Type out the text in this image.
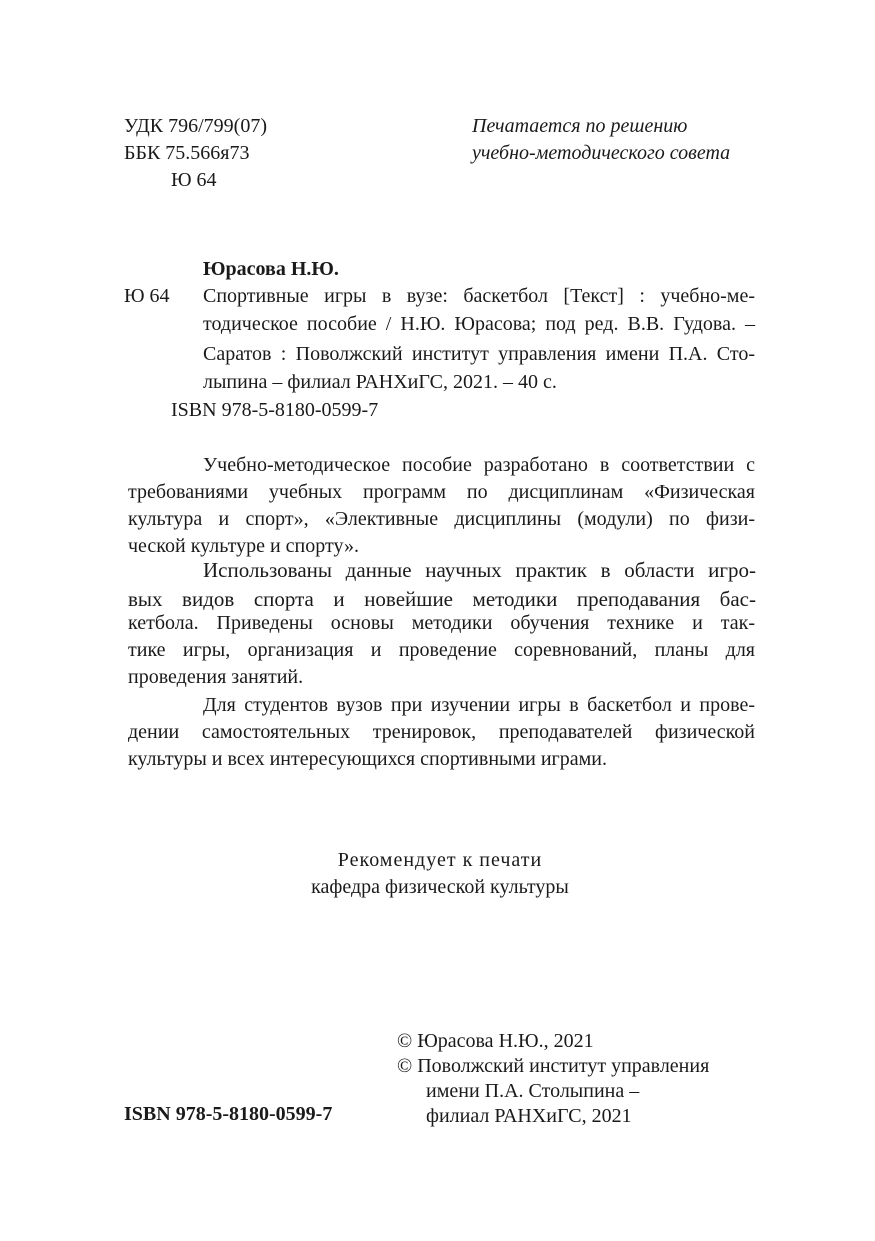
УДК 796/799(07)
ББК 75.566я73
Ю 64
Печатается по решению
учебно-методического совета
Юрасова Н.Ю.
Ю 64 Спортивные игры в вузе: баскетбол [Текст] : учебно-ме-
тодическое пособие / Н.Ю. Юрасова; под ред. В.В. Гудова. –
Саратов : Поволжский институт управления имени П.А. Сто-
лыпина – филиал РАНХиГС, 2021. – 40 с.
ISBN 978-5-8180-0599-7
Учебно-методическое пособие разработано в соответствии с
требованиями учебных программ по дисциплинам «Физическая
культура и спорт», «Элективные дисциплины (модули) по физи-
ческой культуре и спорту».
Использованы данные научных практик в области игро-
вых видов спорта и новейшие методики преподавания бас-
кетбола. Приведены основы методики обучения технике и так-
тике игры, организация и проведение соревнований, планы для
проведения занятий.
Для студентов вузов при изучении игры в баскетбол и прове-
дении самостоятельных тренировок, преподавателей физической
культуры и всех интересующихся спортивными играми.
Рекомендует к печати
кафедра физической культуры
ISBN 978-5-8180-0599-7
© Юрасова Н.Ю., 2021
© Поволжский институт управления
имени П.А. Столыпина –
филиал РАНХиГС, 2021
